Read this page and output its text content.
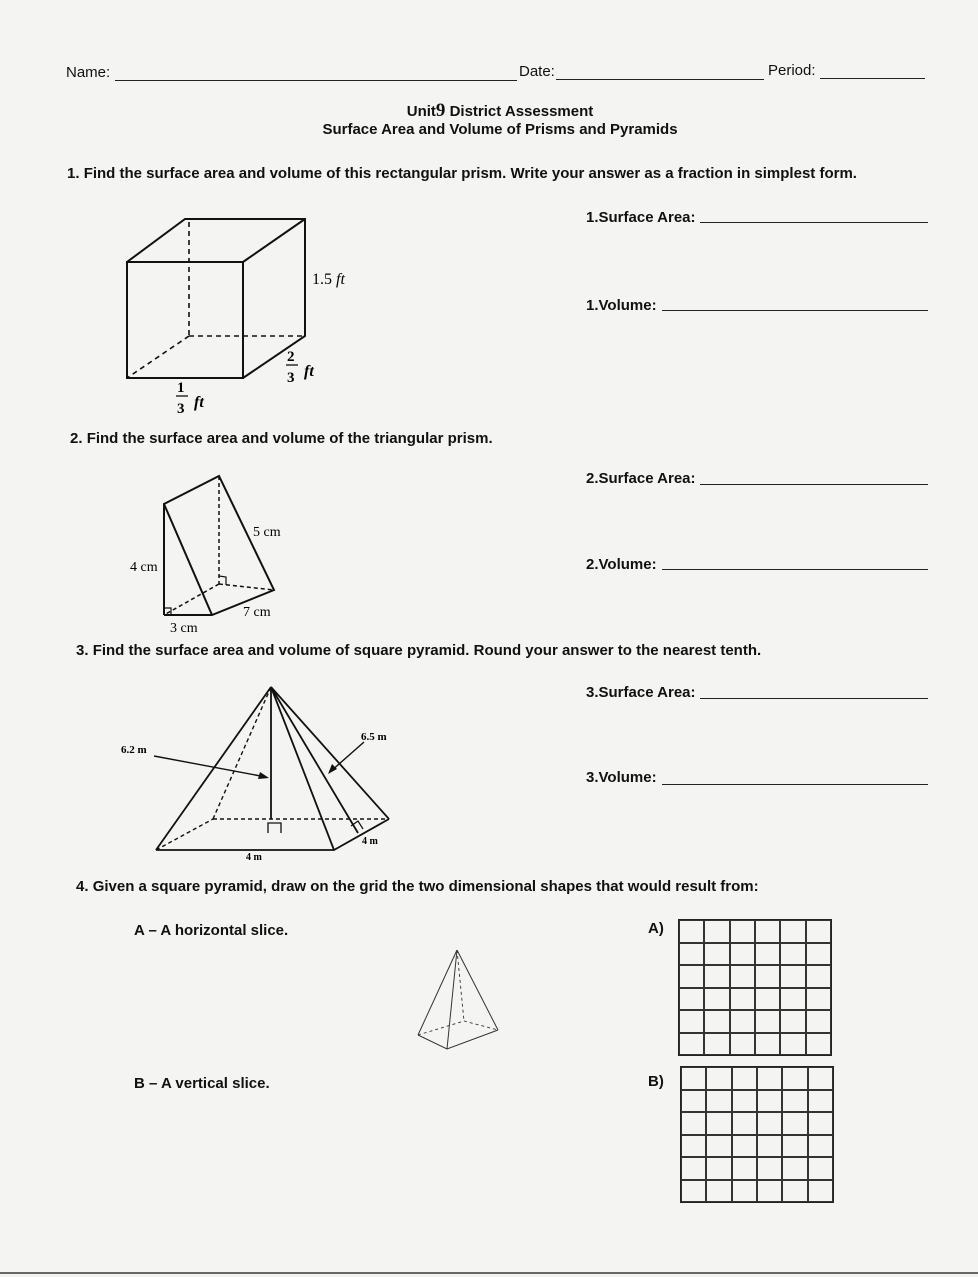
Name:	Date:	Period:
Unit9 District Assessment
Surface Area and Volume of Prisms and Pyramids
1. Find the surface area and volume of this rectangular prism. Write your answer as a fraction in simplest form.
1.Surface Area:
1.Volume:
1.5 ft
2
3 ft
1
3 ft
2. Find the surface area and volume of the triangular prism.
2.Surface Area:
2.Volume:
5 cm
4 cm
7 cm
3 cm
3. Find the surface area and volume of square pyramid. Round your answer to the nearest tenth.
3.Surface Area:
3.Volume:
6.2 m
6.5 m
4 m
4 m
4. Given a square pyramid, draw on the grid the two dimensional shapes that would result from:
A – A horizontal slice.
B – A vertical slice.
A)
B)
